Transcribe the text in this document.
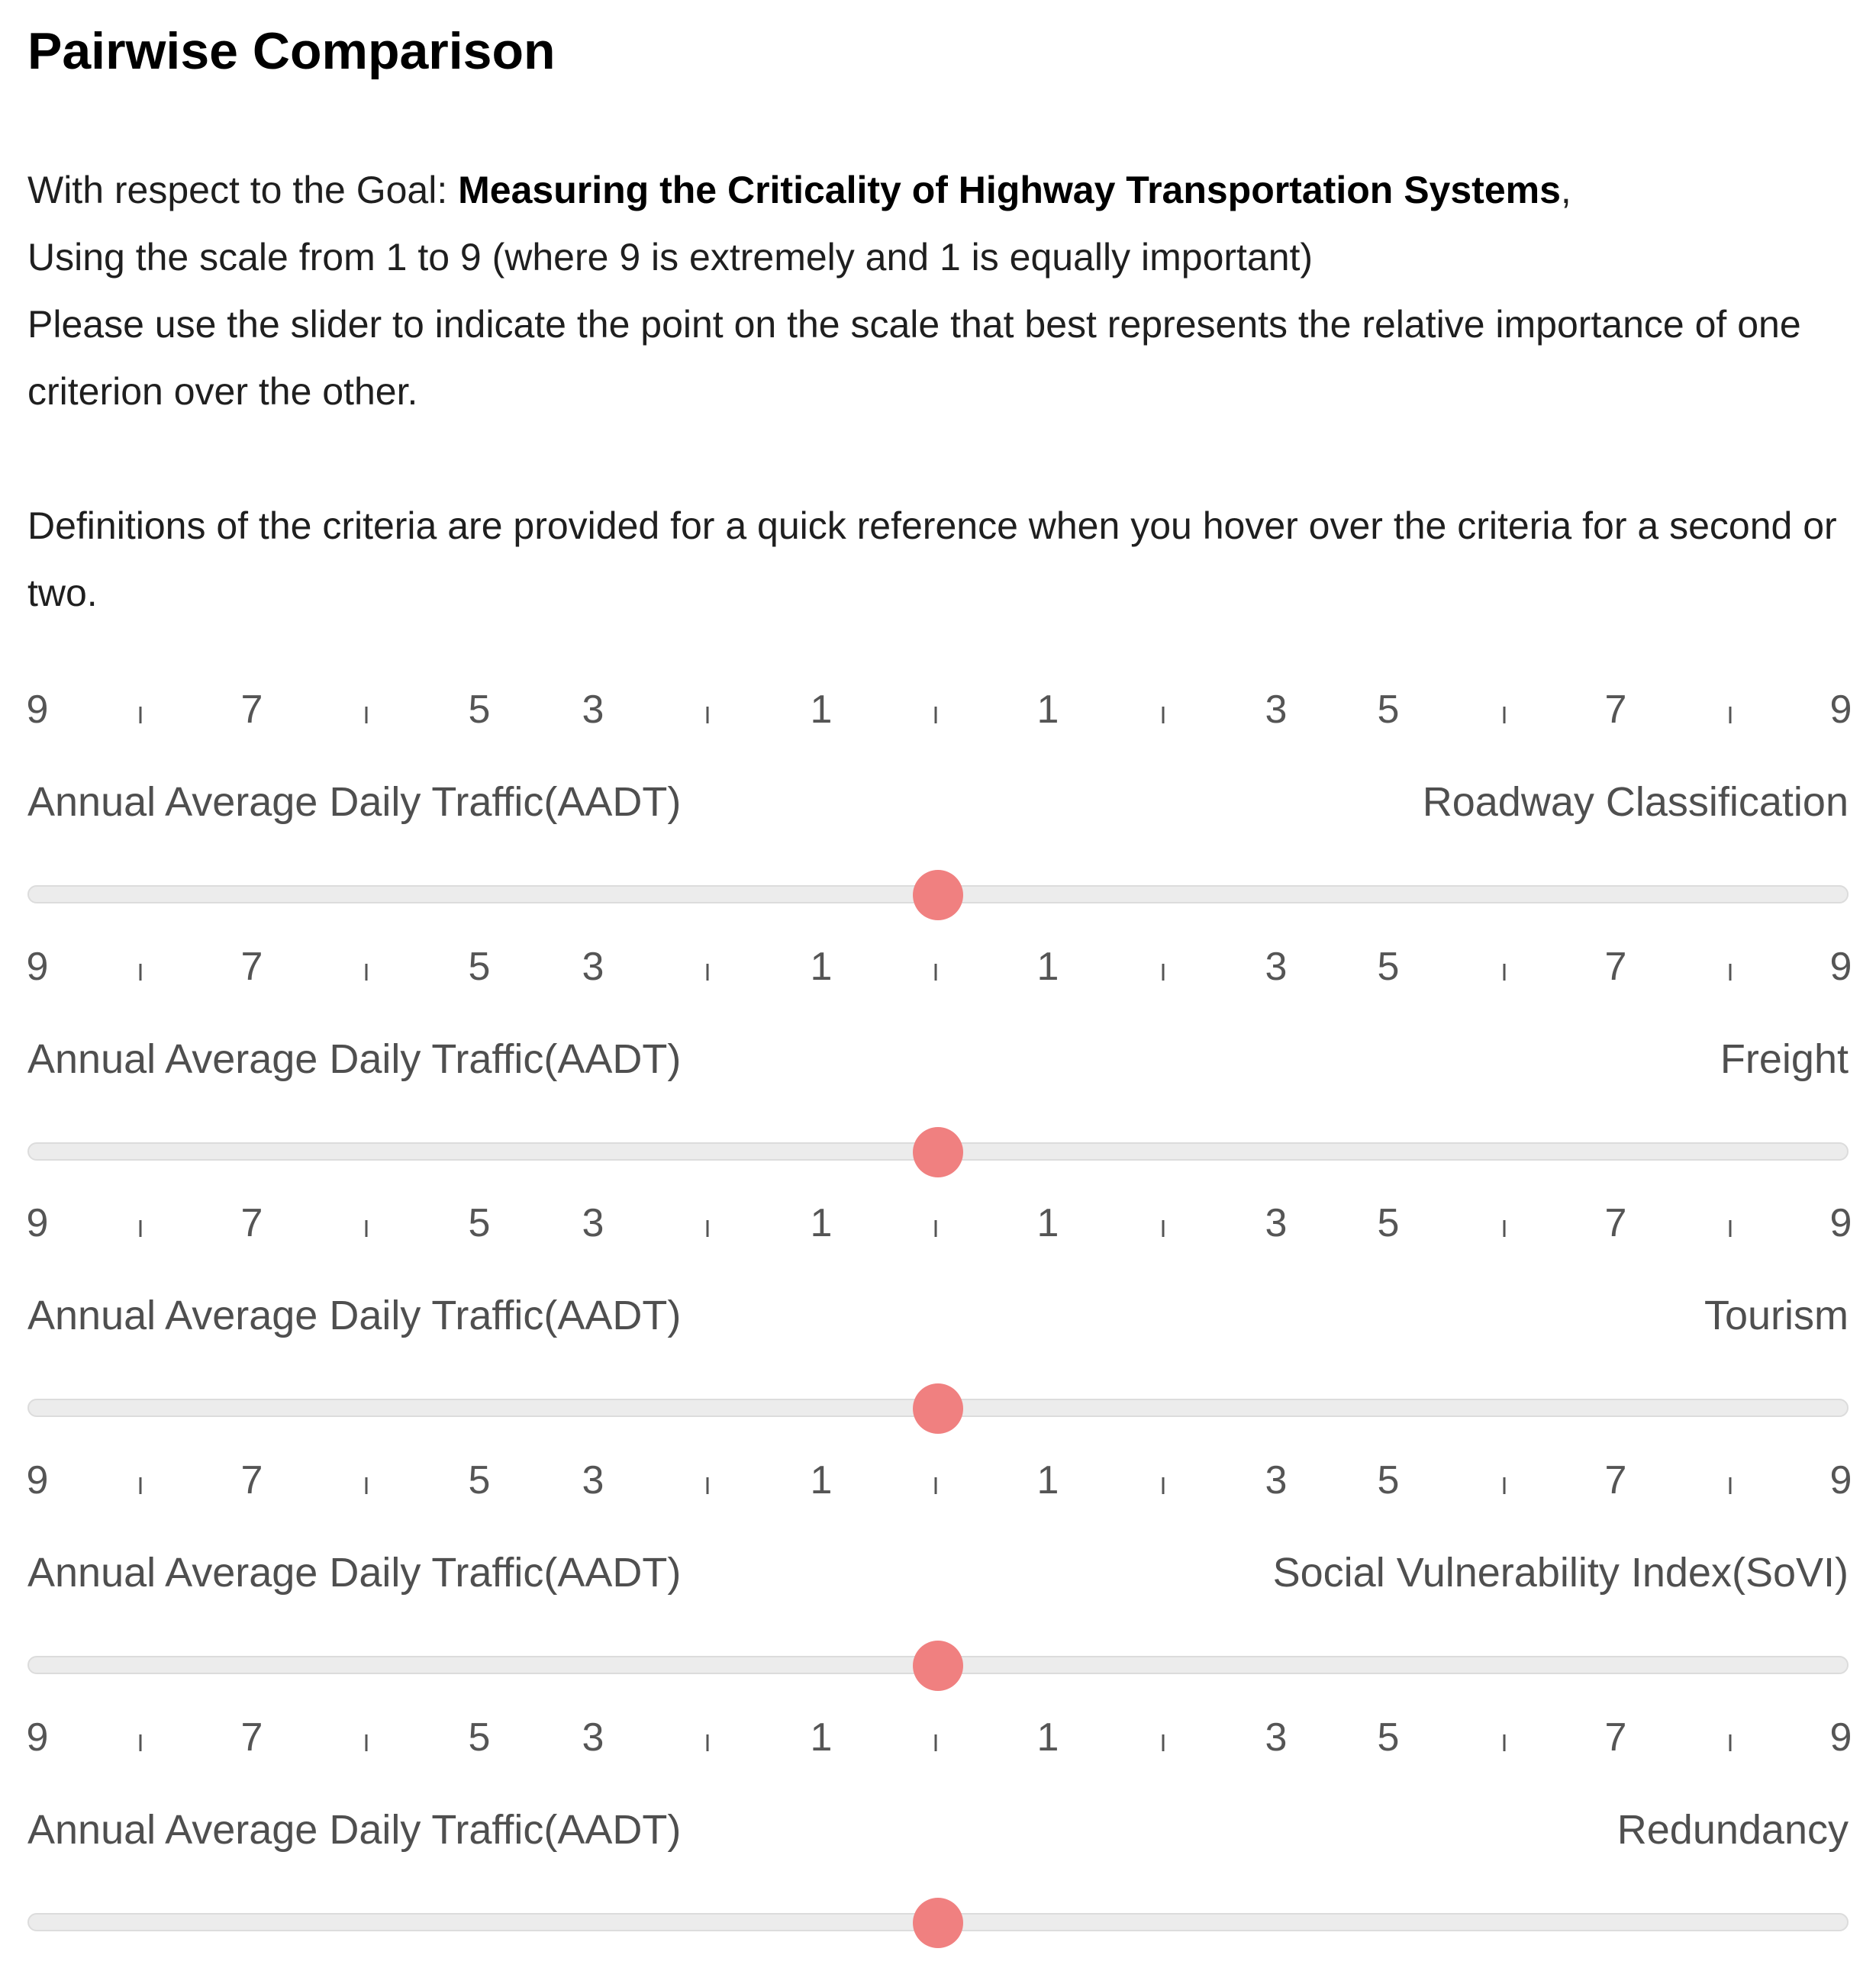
Pairwise Comparison

With respect to the Goal: Measuring the Criticality of Highway Transportation Systems,

Using the scale from 1 to 9 (where 9 is extremely and 1 is equally important)

Please use the slider to indicate the point on the scale that best represents the relative importance of one criterion over the other.

Definitions of the criteria are provided for a quick reference when you hover over the criteria for a second or two.

9	7	5 3	1	1	3 5	7	9
Annual Average Daily Traffic(AADT)	Roadway Classification
9	7	5 3	1	1	3 5	7	9
Annual Average Daily Traffic(AADT)	Freight
9	7	5 3	1	1	3 5	7	9
Annual Average Daily Traffic(AADT)	Tourism
9	7	5 3	1	1	3 5	7	9
Annual Average Daily Traffic(AADT)	Social Vulnerability Index(SoVI)
9	7	5 3	1	1	3 5	7	9
Annual Average Daily Traffic(AADT)	Redundancy
